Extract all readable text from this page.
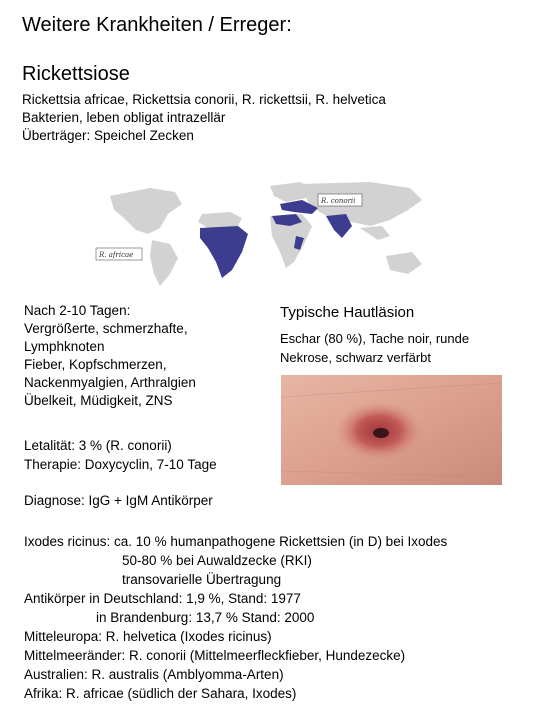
Weitere Krankheiten / Erreger:
Rickettsiose
Rickettsia africae, Rickettsia conorii, R. rickettsii, R. helvetica
Bakterien, leben obligat intrazellär
Überträger: Speichel Zecken
R. africae
R. conorii
Nach 2-10 Tagen:
Vergrößerte, schmerzhafte,
Lymphknoten
Fieber, Kopfschmerzen,
Nackenmyalgien, Arthralgien
Übelkeit, Müdigkeit, ZNS
Typische Hautläsion
Eschar (80 %), Tache noir, runde
Nekrose, schwarz verfärbt
Letalität: 3 % (R. conorii)
Therapie: Doxycyclin, 7-10 Tage
Diagnose: IgG + IgM Antikörper
Ixodes ricinus: ca. 10 % humanpathogene Rickettsien (in D) bei Ixodes
50-80 % bei Auwaldzecke (RKI)
transovarielle Übertragung
Antikörper in Deutschland: 1,9 %, Stand: 1977
in Brandenburg: 13,7 % Stand: 2000
Mitteleuropa: R. helvetica (Ixodes ricinus)
Mittelmeeränder: R. conorii (Mittelmeerfleckfieber, Hundezecke)
Australien: R. australis (Amblyomma-Arten)
Afrika: R. africae (südlich der Sahara, Ixodes)
